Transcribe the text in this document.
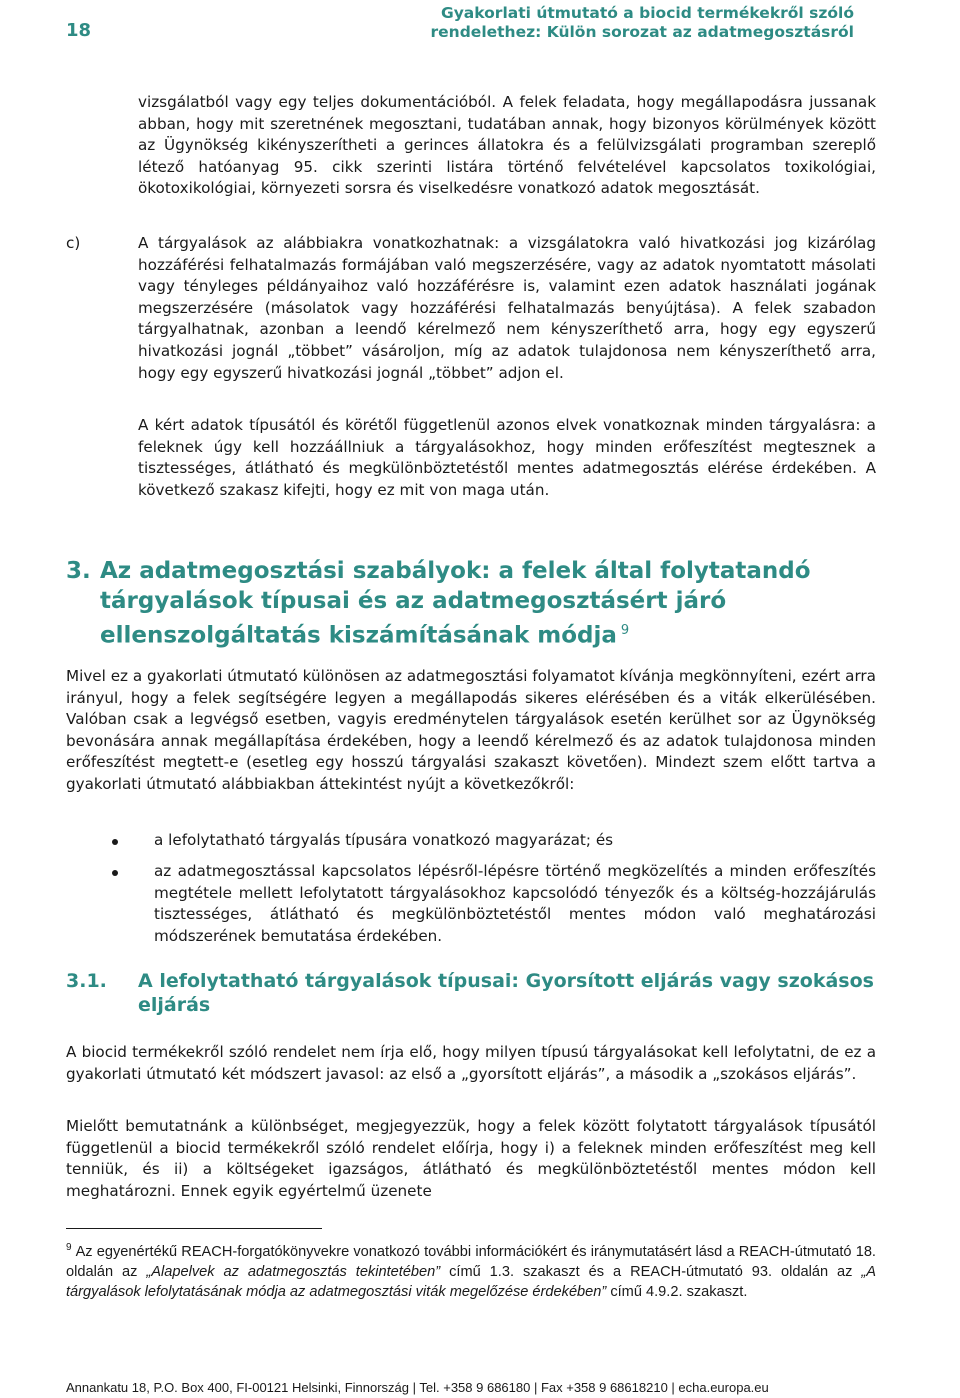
18
Gyakorlati útmutató a biocid termékekről szóló
rendelethez: Külön sorozat az adatmegosztásról

vizsgálatból vagy egy teljes dokumentációból. A felek feladata, hogy megállapodásra jussanak abban, hogy mit szeretnének megosztani, tudatában annak, hogy bizonyos körülmények között az Ügynökség kikényszerítheti a gerinces állatokra és a felülvizsgálati programban szereplő létező hatóanyag 95. cikk szerinti listára történő felvételével kapcsolatos toxikológiai, ökotoxikológiai, környezeti sorsra és viselkedésre vonatkozó adatok megosztását.

c)	A tárgyalások az alábbiakra vonatkozhatnak: a vizsgálatokra való hivatkozási jog kizárólag hozzáférési felhatalmazás formájában való megszerzésére, vagy az adatok nyomtatott másolati vagy tényleges példányaihoz való hozzáférésre is, valamint ezen adatok használati jogának megszerzésére (másolatok vagy hozzáférési felhatalmazás benyújtása). A felek szabadon tárgyalhatnak, azonban a leendő kérelmező nem kényszeríthető arra, hogy egy egyszerű hivatkozási jognál „többet” vásároljon, míg az adatok tulajdonosa nem kényszeríthető arra, hogy egy egyszerű hivatkozási jognál „többet” adjon el.

A kért adatok típusától és körétől függetlenül azonos elvek vonatkoznak minden tárgyalásra: a feleknek úgy kell hozzáállniuk a tárgyalásokhoz, hogy minden erőfeszítést megtesznek a tisztességes, átlátható és megkülönböztetéstől mentes adatmegosztás elérése érdekében. A következő szakasz kifejti, hogy ez mit von maga után.

3. Az adatmegosztási szabályok: a felek által folytatandó tárgyalások típusai és az adatmegosztásért járó ellenszolgáltatás kiszámításának módja $^9$

Mivel ez a gyakorlati útmutató különösen az adatmegosztási folyamatot kívánja megkönnyíteni, ezért arra irányul, hogy a felek segítségére legyen a megállapodás sikeres elérésében és a viták elkerülésében. Valóban csak a legvégső esetben, vagyis eredménytelen tárgyalások esetén kerülhet sor az Ügynökség bevonására annak megállapítása érdekében, hogy a leendő kérelmező és az adatok tulajdonosa minden erőfeszítést megtett-e (esetleg egy hosszú tárgyalási szakaszt követően). Mindezt szem előtt tartva a gyakorlati útmutató alábbiakban áttekintést nyújt a következőkről:

a lefolytatható tárgyalás típusára vonatkozó magyarázat; és

az adatmegosztással kapcsolatos lépésről-lépésre történő megközelítés a minden erőfeszítés megtétele mellett lefolytatott tárgyalásokhoz kapcsolódó tényezők és a költség-hozzájárulás tisztességes, átlátható és megkülönböztetéstől mentes módon való meghatározási módszerének bemutatása érdekében.

3.1. A lefolytatható tárgyalások típusai: Gyorsított eljárás vagy szokásos eljárás

A biocid termékekről szóló rendelet nem írja elő, hogy milyen típusú tárgyalásokat kell lefolytatni, de ez a gyakorlati útmutató két módszert javasol: az első a „gyorsított eljárás”, a második a „szokásos eljárás”.

Mielőtt bemutatnánk a különbséget, megjegyezzük, hogy a felek között folytatott tárgyalások típusától függetlenül a biocid termékekről szóló rendelet előírja, hogy i) a feleknek minden erőfeszítést meg kell tenniük, és ii) a költségeket igazságos, átlátható és megkülönböztetéstől mentes módon kell meghatározni. Ennek egyik egyértelmű üzenete

$^9$ Az egyenértékű REACH-forgatókönyvekre vonatkozó további információkért és iránymutatásért lásd a REACH-útmutató 18. oldalán az „Alapelvek az adatmegosztás tekintetében” című 1.3. szakaszt és a REACH-útmutató 93. oldalán az „A tárgyalások lefolytatásának módja az adatmegosztási viták megelőzése érdekében” című 4.9.2. szakaszt.

Annankatu 18, P.O. Box 400, FI-00121 Helsinki, Finnország | Tel. +358 9 686180 | Fax +358 9 68618210 | echa.europa.eu
